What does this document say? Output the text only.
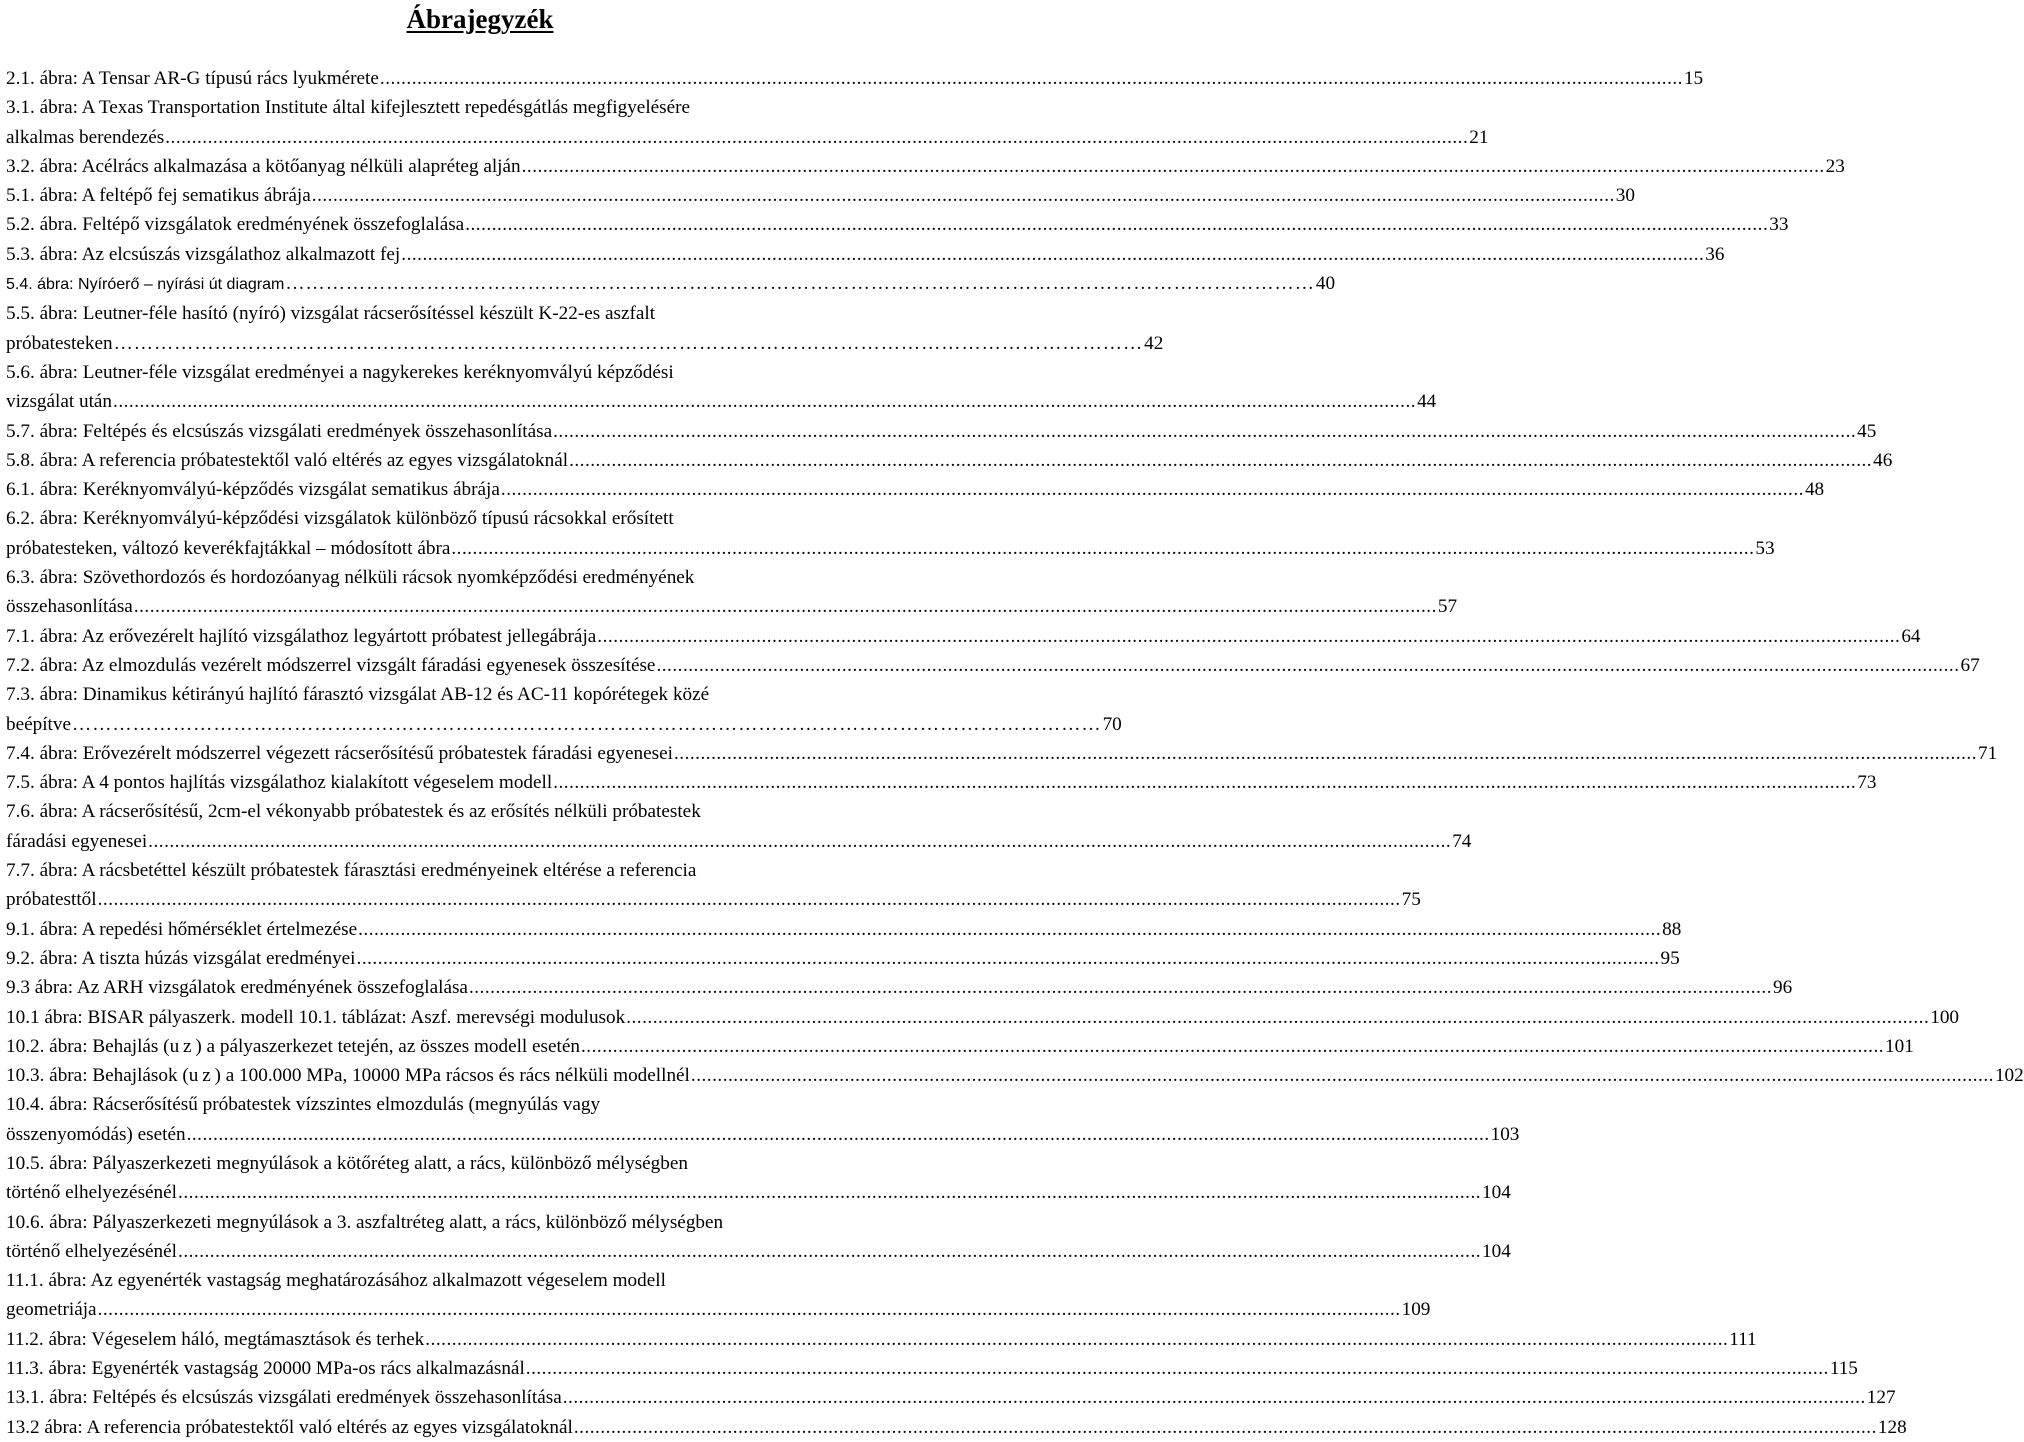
Ábrajegyzék
2.1. ábra: A Tensar AR-G típusú rács lyukmérete .....	15
3.1. ábra: A Texas Transportation Institute által kifejlesztett repedésgátlás megfigyelésére
alkalmas berendezés .....	21
3.2. ábra: Acélrács alkalmazása a kötőanyag nélküli alapréteg alján .....	23
5.1. ábra: A feltépő fej sematikus ábrája .....	30
5.2. ábra. Feltépő vizsgálatok eredményének összefoglalása .....	33
5.3. ábra: Az elcsúszás vizsgálathoz alkalmazott fej .....	36
5.4. ábra: Nyíróerő – nyírási út diagram ………………………………………………………………………………………………………………………………………	40
5.5. ábra: Leutner-féle hasító (nyíró) vizsgálat rácserősítéssel készült K-22-es aszfalt
próbatesteken ………………………………………………………………………………………………………………………………………	42
5.6. ábra: Leutner-féle vizsgálat eredményei a nagykerekes keréknyomvályú képződési
vizsgálat után .....	44
5.7. ábra: Feltépés és elcsúszás vizsgálati eredmények összehasonlítása .....	45
5.8. ábra: A referencia próbatestektől való eltérés az egyes vizsgálatoknál .....	46
6.1. ábra: Keréknyomvályú-képződés vizsgálat sematikus ábrája .....	48
6.2. ábra: Keréknyomvályú-képződési vizsgálatok különböző típusú rácsokkal erősített
próbatesteken, változó keverékfajtákkal – módosított ábra .....	53
6.3. ábra: Szövethordozós és hordozóanyag nélküli rácsok nyomképződési eredményének
összehasonlítása .....	57
7.1. ábra: Az erővezérelt hajlító vizsgálathoz legyártott próbatest jellegábrája .....	64
7.2. ábra: Az elmozdulás vezérelt módszerrel vizsgált fáradási egyenesek összesítése .....	67
7.3. ábra: Dinamikus kétirányú hajlító fárasztó vizsgálat AB-12 és AC-11 kopórétegek közé
beépítve ………………………………………………………………………………………………………………………………………	70
7.4. ábra: Erővezérelt módszerrel végezett rácserősítésű próbatestek fáradási egyenesei .....	71
7.5. ábra: A 4 pontos hajlítás vizsgálathoz kialakított végeselem modell .....	73
7.6. ábra: A rácserősítésű, 2cm-el vékonyabb próbatestek és az erősítés nélküli próbatestek
fáradási egyenesei .....	74
7.7. ábra: A rácsbetéttel készült próbatestek fárasztási eredményeinek eltérése a referencia
próbatesttől .....	75
9.1. ábra: A repedési hőmérséklet értelmezése .....	88
9.2. ábra: A tiszta húzás vizsgálat eredményei .....	95
9.3 ábra: Az ARH vizsgálatok eredményének összefoglalása .....	96
10.1 ábra: BISAR pályaszerk. modell 10.1. táblázat: Aszf. merevségi modulusok .....	100
10.2. ábra: Behajlás (u z ) a pályaszerkezet tetején, az összes modell esetén .....	101
10.3. ábra: Behajlások (u z ) a 100.000 MPa, 10000 MPa rácsos és rács nélküli modellnél .....	102
10.4. ábra: Rácserősítésű próbatestek vízszintes elmozdulás (megnyúlás vagy
összenyomódás) esetén .....	103
10.5. ábra: Pályaszerkezeti megnyúlások a kötőréteg alatt, a rács, különböző mélységben
történő elhelyezésénél .....	104
10.6. ábra: Pályaszerkezeti megnyúlások a 3. aszfaltréteg alatt, a rács, különböző mélységben
történő elhelyezésénél .....	104
11.1. ábra: Az egyenérték vastagság meghatározásához alkalmazott végeselem modell
geometriája .....	109
11.2. ábra: Végeselem háló, megtámasztások és terhek .....	111
11.3. ábra: Egyenérték vastagság 20000 MPa-os rács alkalmazásnál .....	115
13.1. ábra: Feltépés és elcsúszás vizsgálati eredmények összehasonlítása .....	127
13.2 ábra: A referencia próbatestektől való eltérés az egyes vizsgálatoknál .....	128
